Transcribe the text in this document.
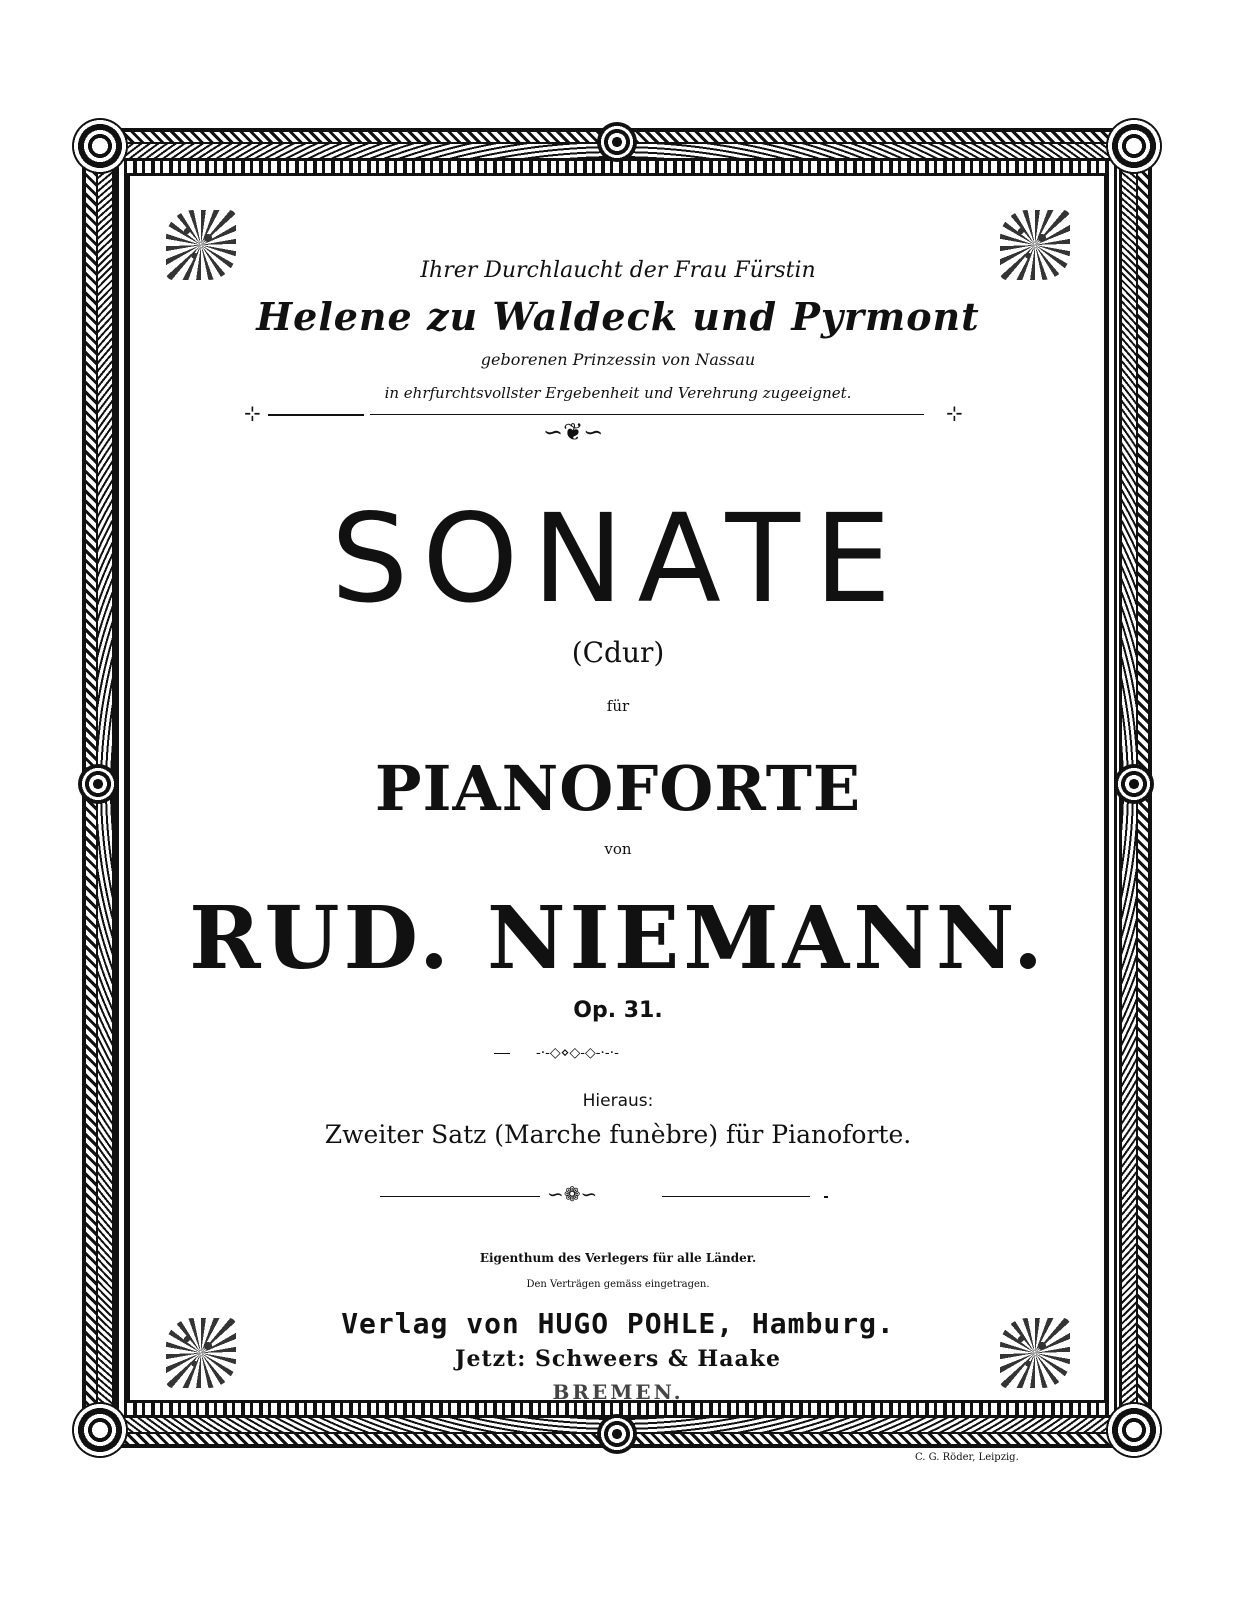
Ihrer Durchlaucht der Frau Fürstin
Helene zu Waldeck und Pyrmont
geborenen Prinzessin von Nassau
in ehrfurchtsvollster Ergebenheit und Verehrung zugeeignet.
⊹	⊹
∽❦∽
SONATE
(Cdur)
für
PIANOFORTE
von
RUD. NIEMANN.
Op. 31.
-·-◇⋄◇-◇-·-·-
Hieraus:
Zweiter Satz (Marche funèbre) für Pianoforte.
∽❁∽
Eigenthum des Verlegers für alle Länder.
Den Verträgen gemäss eingetragen.
Verlag von HUGO POHLE, Hamburg.
Jetzt: Schweers & Haake
BREMEN.
C. G. Röder, Leipzig.
